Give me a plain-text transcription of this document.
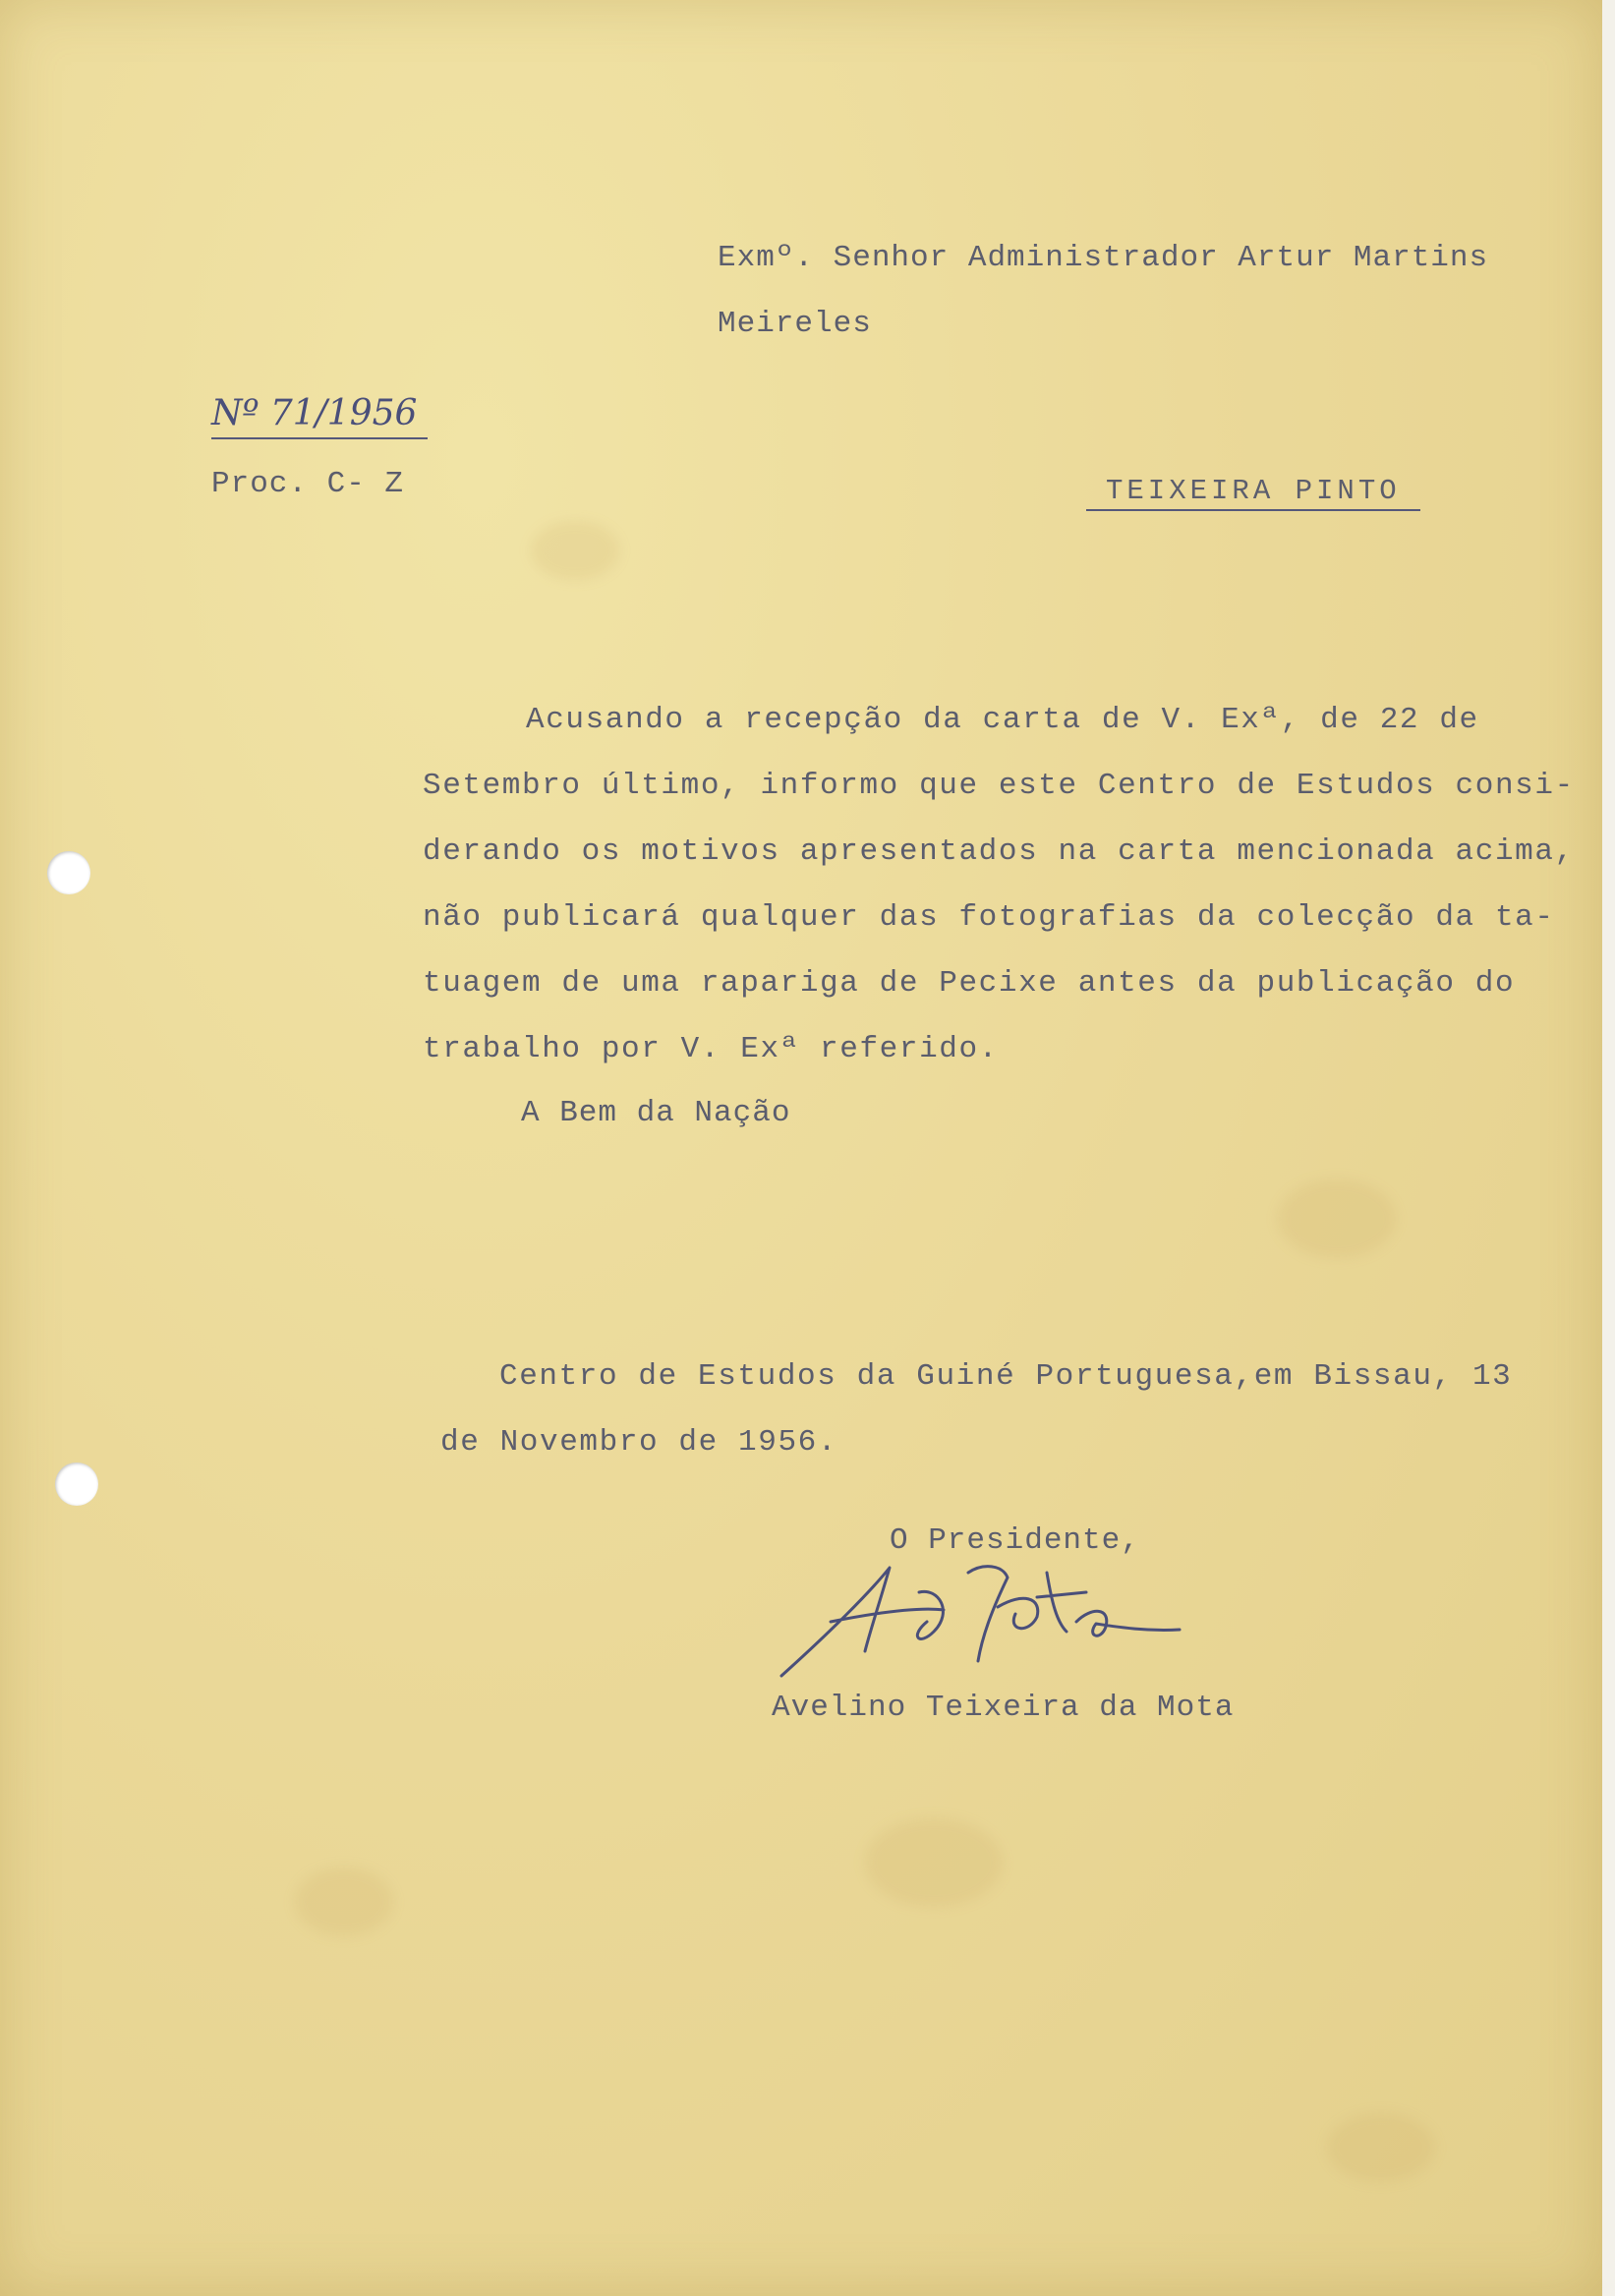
Exmº. Senhor Administrador Artur Martins
Meireles
Nº 71/1956
Proc. C- Z	TEIXEIRA PINTO
Acusando a recepção da carta de V. Exª, de 22 de
Setembro último, informo que este Centro de Estudos consi-
derando os motivos apresentados na carta mencionada acima,
não publicará qualquer das fotografias da colecção da ta-
tuagem de uma rapariga de Pecixe antes da publicação do
trabalho por V. Exª referido.
A Bem da Nação
Centro de Estudos da Guiné Portuguesa,em Bissau, 13
de Novembro de 1956.
O Presidente,
Avelino Teixeira da Mota
